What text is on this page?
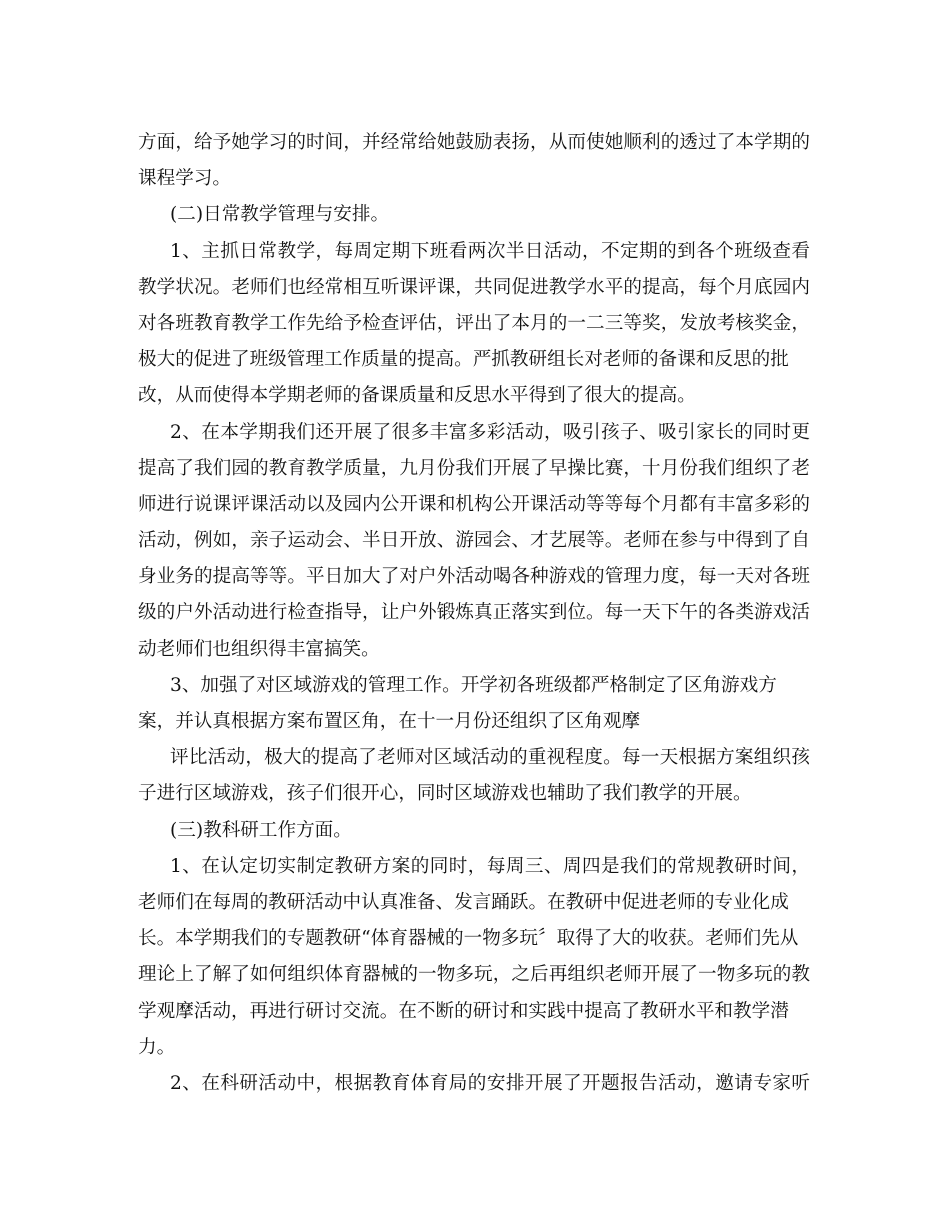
方面，给予她学习的时间，并经常给她鼓励表扬，从而使她顺利的透过了本学期的
课程学习。
(二)日常教学管理与安排。
1、主抓日常教学，每周定期下班看两次半日活动，不定期的到各个班级查看
教学状况。老师们也经常相互听课评课，共同促进教学水平的提高，每个月底园内
对各班教育教学工作先给予检查评估，评出了本月的一二三等奖，发放考核奖金，
极大的促进了班级管理工作质量的提高。严抓教研组长对老师的备课和反思的批
改，从而使得本学期老师的备课质量和反思水平得到了很大的提高。
2、在本学期我们还开展了很多丰富多彩活动，吸引孩子、吸引家长的同时更
提高了我们园的教育教学质量，九月份我们开展了早操比赛，十月份我们组织了老
师进行说课评课活动以及园内公开课和机构公开课活动等等每个月都有丰富多彩的
活动，例如，亲子运动会、半日开放、游园会、才艺展等。老师在参与中得到了自
身业务的提高等等。平日加大了对户外活动喝各种游戏的管理力度，每一天对各班
级的户外活动进行检查指导，让户外锻炼真正落实到位。每一天下午的各类游戏活
动老师们也组织得丰富搞笑。
3、加强了对区域游戏的管理工作。开学初各班级都严格制定了区角游戏方
案，并认真根据方案布置区角，在十一月份还组织了区角观摩
评比活动，极大的提高了老师对区域活动的重视程度。每一天根据方案组织孩
子进行区域游戏，孩子们很开心，同时区域游戏也辅助了我们教学的开展。
(三)教科研工作方面。
1、在认定切实制定教研方案的同时，每周三、周四是我们的常规教研时间，
老师们在每周的教研活动中认真准备、发言踊跃。在教研中促进老师的专业化成
长。本学期我们的专题教研“体育器械的一物多玩〞取得了大的收获。老师们先从
理论上了解了如何组织体育器械的一物多玩，之后再组织老师开展了一物多玩的教
学观摩活动，再进行研讨交流。在不断的研讨和实践中提高了教研水平和教学潜
力。
2、在科研活动中，根据教育体育局的安排开展了开题报告活动，邀请专家听
